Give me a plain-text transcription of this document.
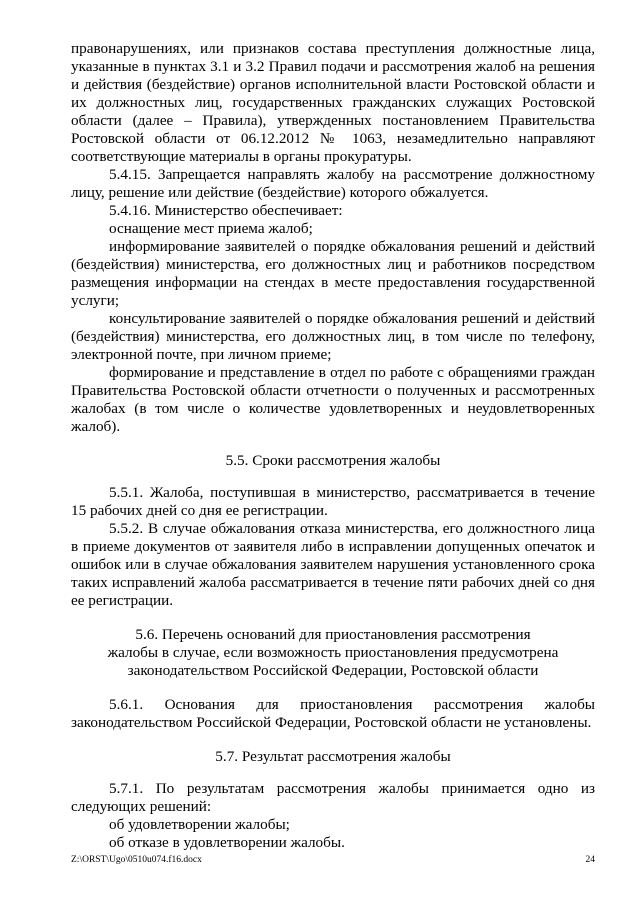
правонарушениях, или признаков состава преступления должностные лица,
указанные в пунктах 3.1 и 3.2 Правил подачи и рассмотрения жалоб на решения
и действия (бездействие) органов исполнительной власти Ростовской области и
их должностных лиц, государственных гражданских служащих Ростовской
области (далее – Правила), утвержденных постановлением Правительства
Ростовской области от 06.12.2012 № 1063, незамедлительно направляют
соответствующие материалы в органы прокуратуры.
5.4.15. Запрещается направлять жалобу на рассмотрение должностному
лицу, решение или действие (бездействие) которого обжалуется.
5.4.16. Министерство обеспечивает:
оснащение мест приема жалоб;
информирование заявителей о порядке обжалования решений и действий
(бездействия) министерства, его должностных лиц и работников посредством
размещения информации на стендах в месте предоставления государственной
услуги;
консультирование заявителей о порядке обжалования решений и действий
(бездействия) министерства, его должностных лиц, в том числе по телефону,
электронной почте, при личном приеме;
формирование и представление в отдел по работе с обращениями граждан
Правительства Ростовской области отчетности о полученных и рассмотренных
жалобах (в том числе о количестве удовлетворенных и неудовлетворенных
жалоб).
5.5. Сроки рассмотрения жалобы
5.5.1. Жалоба, поступившая в министерство, рассматривается в течение
15 рабочих дней со дня ее регистрации.
5.5.2. В случае обжалования отказа министерства, его должностного лица
в приеме документов от заявителя либо в исправлении допущенных опечаток и
ошибок или в случае обжалования заявителем нарушения установленного срока
таких исправлений жалоба рассматривается в течение пяти рабочих дней со дня
ее регистрации.
5.6. Перечень оснований для приостановления рассмотрения
жалобы в случае, если возможность приостановления предусмотрена
законодательством Российской Федерации, Ростовской области
5.6.1. Основания для приостановления рассмотрения жалобы
законодательством Российской Федерации, Ростовской области не установлены.
5.7. Результат рассмотрения жалобы
5.7.1. По результатам рассмотрения жалобы принимается одно из
следующих решений:
об удовлетворении жалобы;
об отказе в удовлетворении жалобы.
Z:\ORST\Ugo\0510u074.f16.docx	24
